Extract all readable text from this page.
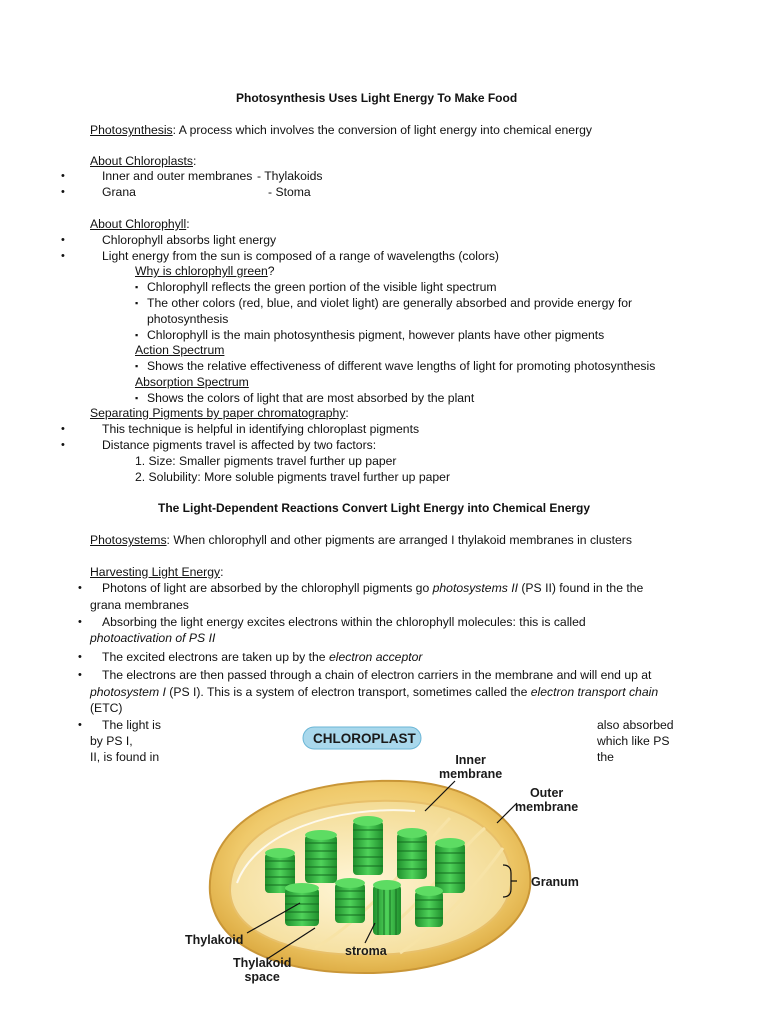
Photosynthesis Uses Light Energy To Make Food
Photosynthesis: A process which involves the conversion of light energy into chemical energy
About Chloroplasts:
•	Inner and outer membranes - Thylakoids
•	Grana	- Stoma
About Chlorophyll:
•	Chlorophyll absorbs light energy
•	Light energy from the sun is composed of a range of wavelengths (colors)
Why is chlorophyll green?
▪ Chlorophyll reflects the green portion of the visible light spectrum
▪ The other colors (red, blue, and violet light) are generally absorbed and provide energy for
photosynthesis
▪ Chlorophyll is the main photosynthesis pigment, however plants have other pigments
Action Spectrum
▪ Shows the relative effectiveness of different wave lengths of light for promoting photosynthesis
Absorption Spectrum
▪ Shows the colors of light that are most absorbed by the plant
Separating Pigments by paper chromatography:
•	This technique is helpful in identifying chloroplast pigments
•	Distance pigments travel is affected by two factors:
1. Size: Smaller pigments travel further up paper
2. Solubility: More soluble pigments travel further up paper
The Light-Dependent Reactions Convert Light Energy into Chemical Energy
Photosystems: When chlorophyll and other pigments are arranged I thylakoid membranes in clusters
Harvesting Light Energy:
• Photons of light are absorbed by the chlorophyll pigments go photosystems II (PS II) found in the the
grana membranes
• Absorbing the light energy excites electrons within the chlorophyll molecules: this is called
photoactivation of PS II
• The excited electrons are taken up by the electron acceptor
• The electrons are then passed through a chain of electron carriers in the membrane and will end up at
photosystem I (PS I). This is a system of electron transport, sometimes called the electron transport chain
(ETC)
• The light is
by PS I,
II, is found in
also absorbed
which like PS
the
CHLOROPLAST
Inner
membrane
Outer
membrane
Granum
Thylakoid
Thylakoid
space
stroma
